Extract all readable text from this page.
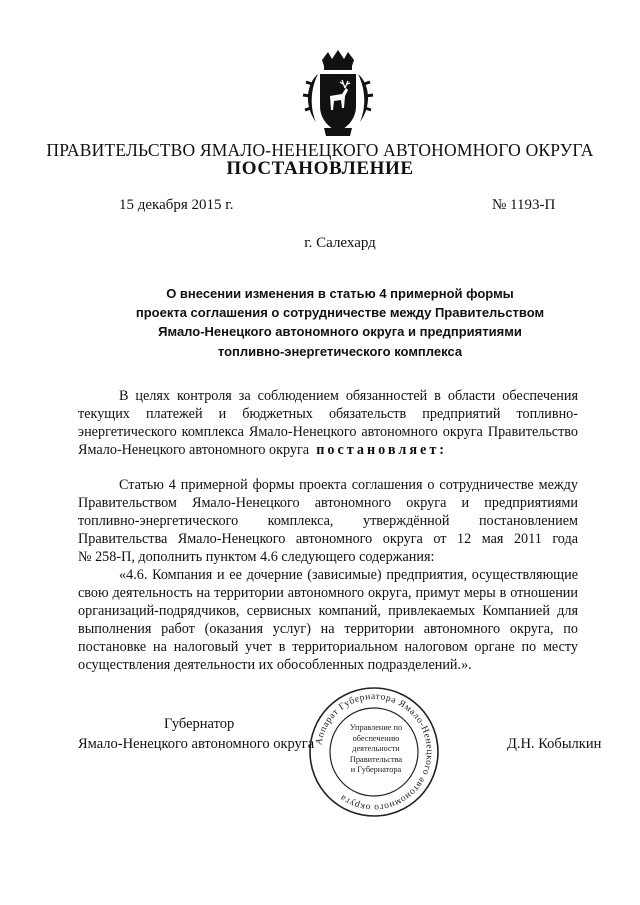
ПРАВИТЕЛЬСТВО ЯМАЛО-НЕНЕЦКОГО АВТОНОМНОГО ОКРУГА
ПОСТАНОВЛЕНИЕ
15 декабря 2015 г.	№ 1193-П
г. Салехард
О внесении изменения в статью 4 примерной формы
проекта соглашения о сотрудничестве между Правительством
Ямало-Ненецкого автономного округа и предприятиями
топливно-энергетического комплекса
В целях контроля за соблюдением обязанностей в области обеспечения
текущих платежей и бюджетных обязательств предприятий топливно-
энергетического комплекса Ямало-Ненецкого автономного округа Правительство
Ямало-Ненецкого автономного округа постановляет:
Статью 4 примерной формы проекта соглашения о сотрудничестве между
Правительством Ямало-Ненецкого автономного округа и предприятиями
топливно-энергетического комплекса, утверждённой постановлением
Правительства Ямало-Ненецкого автономного округа от 12 мая 2011 года
№ 258-П, дополнить пунктом 4.6 следующего содержания:
«4.6. Компания и ее дочерние (зависимые) предприятия, осуществляющие
свою деятельность на территории автономного округа, примут меры в отношении
организаций-подрядчиков, сервисных компаний, привлекаемых Компанией для
выполнения работ (оказания услуг) на территории автономного округа, по
постановке на налоговый учет в территориальном налоговом органе по месту
осуществления деятельности их обособленных подразделений.».
Губернатор
Ямало-Ненецкого автономного округа	Д.Н. Кобылкин
Аппарат Губернатора Ямало-Ненецкого автономного округа
Управление по
обеспечению
деятельности
Правительства
и Губернатора
